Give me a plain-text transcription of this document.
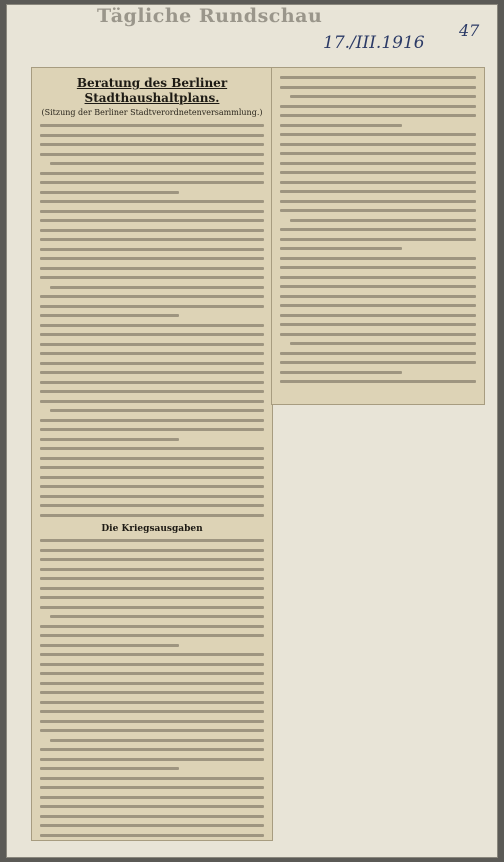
Tägliche Rundschau
17./III.1916
47
Beratung des Berliner Stadthaushaltplans.
(Sitzung der Berliner Stadtverordnetenversammlung.)
Die Kriegsausgaben
